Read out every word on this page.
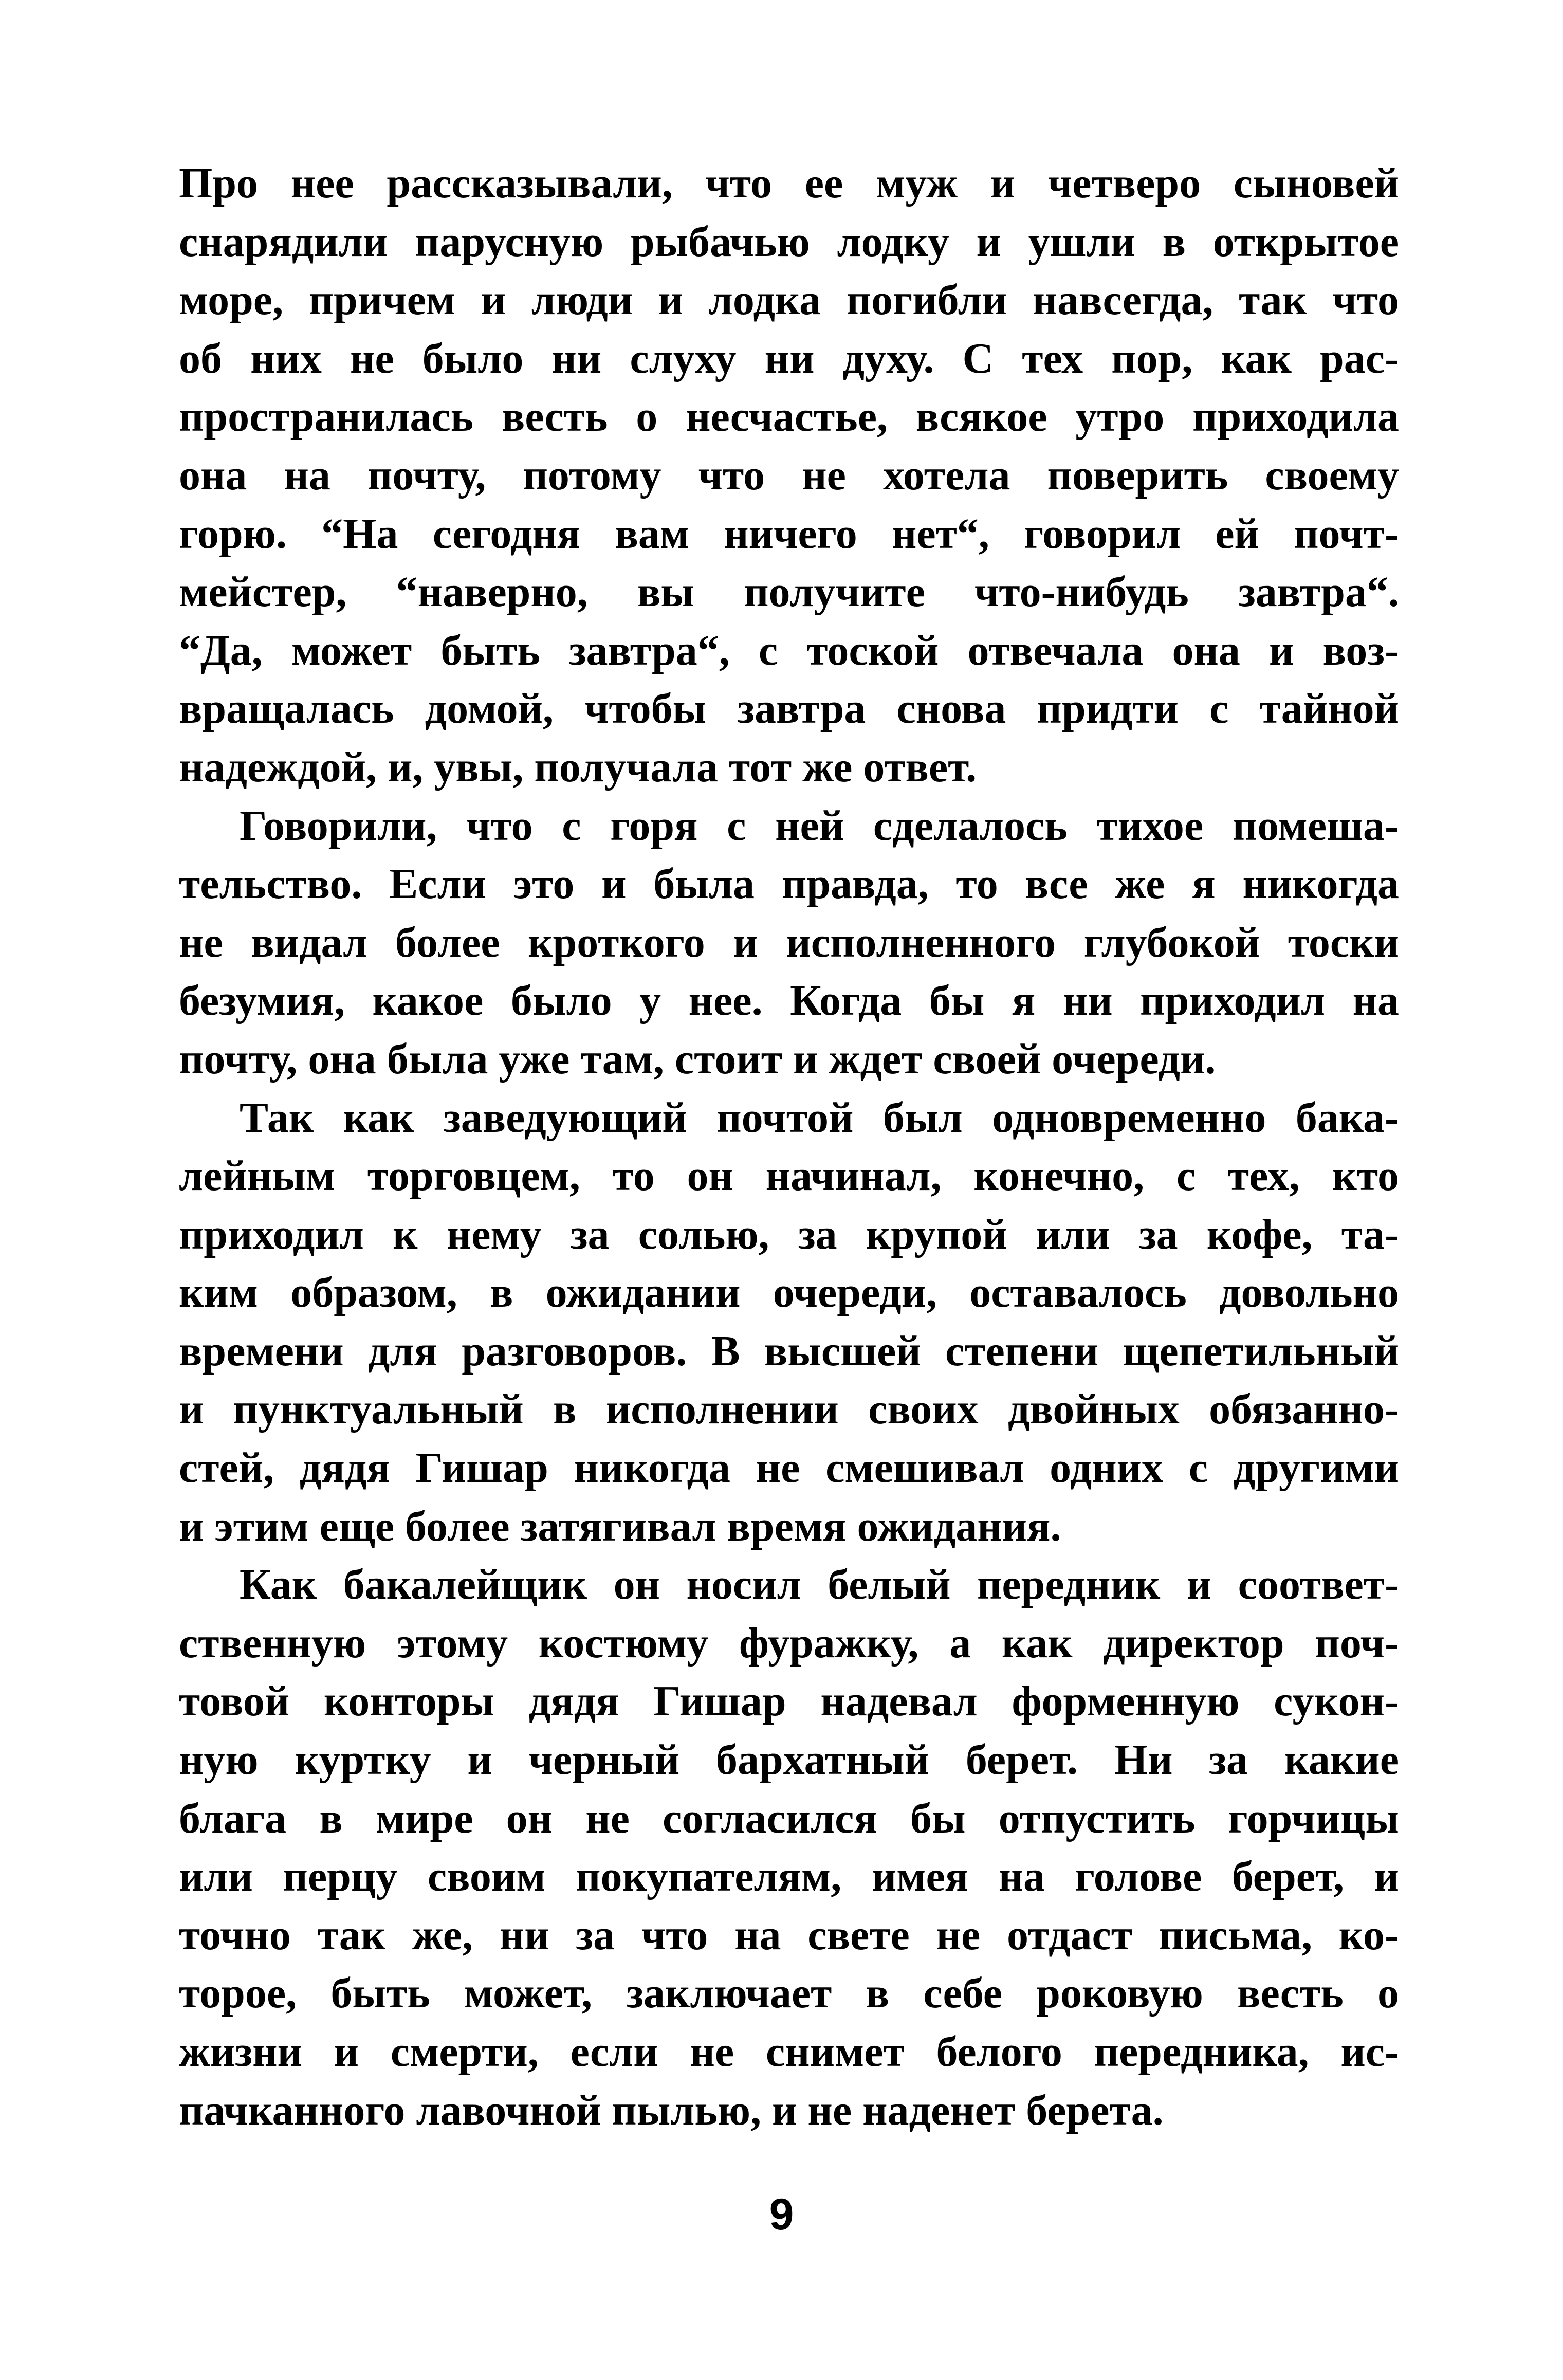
Про нее рассказывали, что ее муж и четверо сыновей
снарядили парусную рыбачью лодку и ушли в открытое
море, причем и люди и лодка погибли навсегда, так что
об них не было ни слуху ни духу. С тех пор, как рас-
пространилась весть о несчастье, всякое утро приходила
она на почту, потому что не хотела поверить своему
горю. “На сегодня вам ничего нет“, говорил ей почт-
мейстер, “наверно, вы получите что-нибудь завтра“.
“Да, может быть завтра“, с тоской отвечала она и воз-
вращалась домой, чтобы завтра снова придти с тайной
надеждой, и, увы, получала тот же ответ.
Говорили, что с горя с ней сделалось тихое помеша-
тельство. Если это и была правда, то все же я никогда
не видал более кроткого и исполненного глубокой тоски
безумия, какое было у нее. Когда бы я ни приходил на
почту, она была уже там, стоит и ждет своей очереди.
Так как заведующий почтой был одновременно бака-
лейным торговцем, то он начинал, конечно, с тех, кто
приходил к нему за солью, за крупой или за кофе, та-
ким образом, в ожидании очереди, оставалось довольно
времени для разговоров. В высшей степени щепетильный
и пунктуальный в исполнении своих двойных обязанно-
стей, дядя Гишар никогда не смешивал одних с другими
и этим еще более затягивал время ожидания.
Как бакалейщик он носил белый передник и соответ-
ственную этому костюму фуражку, а как директор поч-
товой конторы дядя Гишар надевал форменную сукон-
ную куртку и черный бархатный берет. Ни за какие
блага в мире он не согласился бы отпустить горчицы
или перцу своим покупателям, имея на голове берет, и
точно так же, ни за что на свете не отдаст письма, ко-
торое, быть может, заключает в себе роковую весть о
жизни и смерти, если не снимет белого передника, ис-
пачканного лавочной пылью, и не наденет берета.
9
